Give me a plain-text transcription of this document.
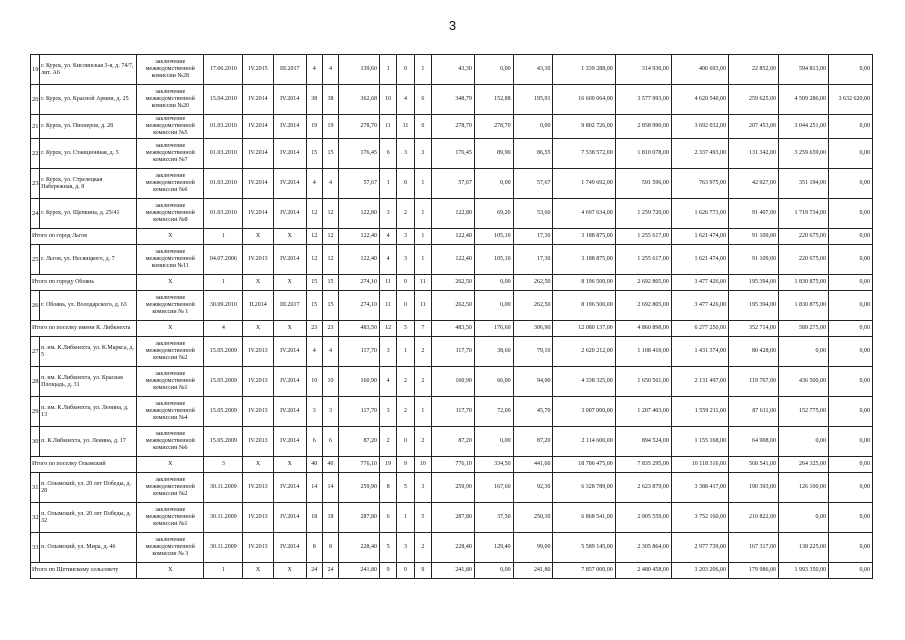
3
19	г. Курск, ул. Кислинская 3-я, д. 74/7, лит. А6	заключение межведомственной комиссии №28	17.06.2010	IV.2015	III.2017	4	4	139,60	1	0	1	43,30	0,00	43,30	1 339 288,00	314 930,00	406 693,00	22 852,00	594 813,00	0,00
20	г. Курск, ул. Красной Армии, д. 25	заключение межведомственной комиссии №20	15.04.2010	IV.2014	IV.2014	38	38	362,68	10	4	6	348,79	152,88	195,91	16 600 064,00	3 577 993,00	4 620 540,00	259 625,00	4 509 286,00	3 632 620,00
21	г. Курск, ул. Пионеров, д. 28	заключение межведомственной комиссии №5	01.03.2010	IV.2014	IV.2014	19	19	278,70	11	11	0	278,70	278,70	0,00	9 802 726,00	2 858 990,00	3 692 032,00	207 453,00	3 044 251,00	0,00
22	г. Курск, ул. Станционная, д. 5	заключение межведомственной комиссии №7	01.03.2010	IV.2014	IV.2014	15	15	176,45	6	3	3	176,45	89,90	86,55	7 538 572,00	1 810 078,00	2 337 493,00	131 342,00	3 259 659,00	0,00
23	г. Курск, ул. Стрелецкая Набережная, д. 8	заключение межведомственной комиссии №6	01.03.2010	IV.2014	IV.2014	4	4	57,67	1	0	1	57,67	0,00	57,67	1 749 692,00	591 596,00	763 975,00	42 927,00	351 194,00	0,00
24	г. Курск, ул. Щепкина, д. 25/41	заключение межведомственной комиссии №8	01.03.2010	IV.2014	IV.2014	12	12	122,80	3	2	1	122,80	69,20	53,60	4 697 634,00	1 259 720,00	1 626 773,00	91 407,00	1 719 734,00	0,00
Итого по город Льгов		X	1	X	X	12	12	122,40	4	3	1	122,40	105,10	17,30	3 188 875,00	1 255 617,00	1 621 474,00	91 109,00	220 675,00	0,00
25	г. Льгов, ул. Несвицкого, д. 7	заключение межведомственной комиссии №11	04.07.2006	IV.2013	IV.2014	12	12	122,40	4	3	1	122,40	105,10	17,30	3 188 875,00	1 255 617,00	1 621 474,00	91 109,00	220 675,00	0,00
Итого по городу Обоянь		X	1	X	X	15	15	274,10	11	0	11	262,50	0,00	262,50	8 196 500,00	2 692 805,00	3 477 426,00	195 394,00	1 830 875,00	0,00
26	г. Обоянь, ул. Володарского, д. 63	заключение межведомственной комиссии № 1	30.09.2010	II.2014	III.2017	15	15	274,10	11	0	11	262,50	0,00	262,50	8 196 500,00	2 692 805,00	3 477 426,00	195 394,00	1 830 875,00	0,00
Итого по поселку имени К. Либкнехта		X	4	X	X	23	23	483,50	12	5	7	483,50	176,60	306,90	12 080 137,00	4 860 898,00	6 277 250,00	352 714,00	589 275,00	0,00
27	п. им. К.Либкнехта, ул. К.Маркса, д. 5	заключение межведомственной комиссии №2	15.05.2009	IV.2013	IV.2014	4	4	117,70	3	1	2	117,70	38,60	79,10	2 620 212,00	1 108 410,00	1 431 374,00	80 428,00	0,00	0,00
28	п. им. К.Либкнехта, ул. Красная Площадь, д. 31	заключение межведомственной комиссии №1	15.05.2009	IV.2013	IV.2014	10	10	160,90	4	2	2	160,90	66,00	94,90	4 338 325,00	1 650 561,00	2 131 497,00	119 767,00	436 500,00	0,00
29	п. им. К.Либкнехта, ул. Ленина, д. 13	заключение межведомственной комиссии №4	15.05.2009	IV.2013	IV.2014	3	3	117,70	3	2	1	117,70	72,00	45,70	3 007 000,00	1 207 403,00	1 559 211,00	87 611,00	152 775,00	0,00
30	п. К.Либкнехта, ул. Ленина, д. 17	заключение межведомственной комиссии №6	15.05.2009	IV.2013	IV.2014	6	6	87,20	2	0	2	87,20	0,00	87,20	2 114 600,00	894 524,00	1 155 168,00	64 908,00	0,00	0,00
Итого по поселку Олымский		X	3	X	X	40	40	776,10	19	9	10	776,10	334,50	441,60	18 786 475,00	7 835 295,00	10 118 316,00	568 541,00	264 325,00	0,00
31	п. Олымский, ул. 20 лет Победы, д. 28	заключение межведомственной комиссии №2	30.11.2009	IV.2013	IV.2014	14	14	259,90	8	5	3	259,90	167,60	92,30	6 328 789,00	2 623 879,00	3 388 417,00	190 393,00	126 100,00	0,00
32	п. Олымский, ул. 20 лет Победы, д. 32	заключение межведомственной комиссии №1	30.11.2009	IV.2013	IV.2014	18	18	287,80	6	1	5	287,80	37,50	250,30	6 868 541,00	2 905 559,00	3 752 160,00	210 822,00	0,00	0,00
33	п. Олымский, ул. Мира, д. 46	заключение межведомственной комиссии № 3	30.11.2009	IV.2013	IV.2014	8	8	228,40	5	3	2	228,40	129,40	99,00	5 589 145,00	2 305 864,00	2 977 739,00	167 317,00	138 225,00	0,00
Итого по Щетинскому сельсовету		X	1	X	X	24	24	241,80	9	0	9	241,80	0,00	241,80	7 857 000,00	2 480 458,00	3 203 206,00	179 986,00	1 993 350,00	0,00
